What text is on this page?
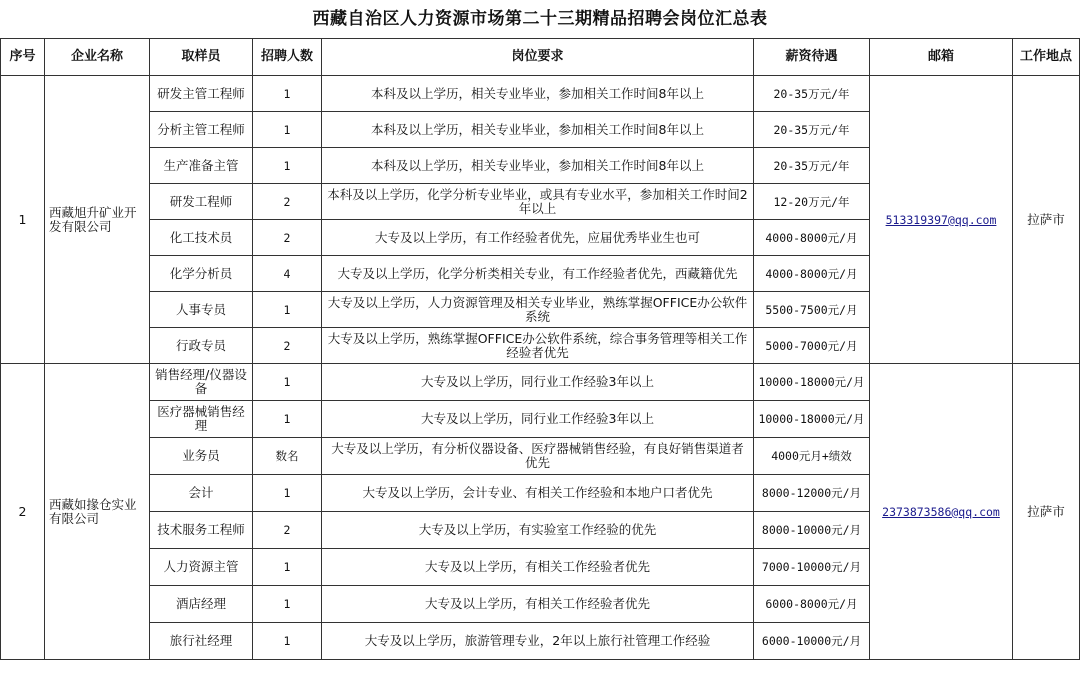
西藏自治区人力资源市场第二十三期精品招聘会岗位汇总表
序号	企业名称	取样员	招聘人数	岗位要求	薪资待遇	邮箱	工作地点
1	西藏旭升矿业开发有限公司	研发主管工程师	1	本科及以上学历，相关专业毕业，参加相关工作时间8年以上	20-35万元/年	513319397@qq.com	拉萨市
		分析主管工程师	1	本科及以上学历，相关专业毕业，参加相关工作时间8年以上	20-35万元/年		
		生产准备主管	1	本科及以上学历，相关专业毕业，参加相关工作时间8年以上	20-35万元/年		
		研发工程师	2	本科及以上学历，化学分析专业毕业，或具有专业水平，参加相关工作时间2年以上	12-20万元/年		
		化工技术员	2	大专及以上学历，有工作经验者优先，应届优秀毕业生也可	4000-8000元/月		
		化学分析员	4	大专及以上学历，化学分析类相关专业，有工作经验者优先，西藏籍优先	4000-8000元/月		
		人事专员	1	大专及以上学历，人力资源管理及相关专业毕业，熟练掌握OFFICE办公软件系统	5500-7500元/月		
		行政专员	2	大专及以上学历，熟练掌握OFFICE办公软件系统，综合事务管理等相关工作经验者优先	5000-7000元/月		
2	西藏如掾仓实业有限公司	销售经理/仪器设备	1	大专及以上学历，同行业工作经验3年以上	10000-18000元/月	2373873586@qq.com	拉萨市
		医疗器械销售经理	1	大专及以上学历，同行业工作经验3年以上	10000-18000元/月		
		业务员	数名	大专及以上学历，有分析仪器设备、医疗器械销售经验，有良好销售渠道者优先	4000元月+绩效		
		会计	1	大专及以上学历，会计专业、有相关工作经验和本地户口者优先	8000-12000元/月		
		技术服务工程师	2	大专及以上学历，有实验室工作经验的优先	8000-10000元/月		
		人力资源主管	1	大专及以上学历，有相关工作经验者优先	7000-10000元/月		
		酒店经理	1	大专及以上学历，有相关工作经验者优先	6000-8000元/月		
		旅行社经理	1	大专及以上学历，旅游管理专业，2年以上旅行社管理工作经验	6000-10000元/月		
